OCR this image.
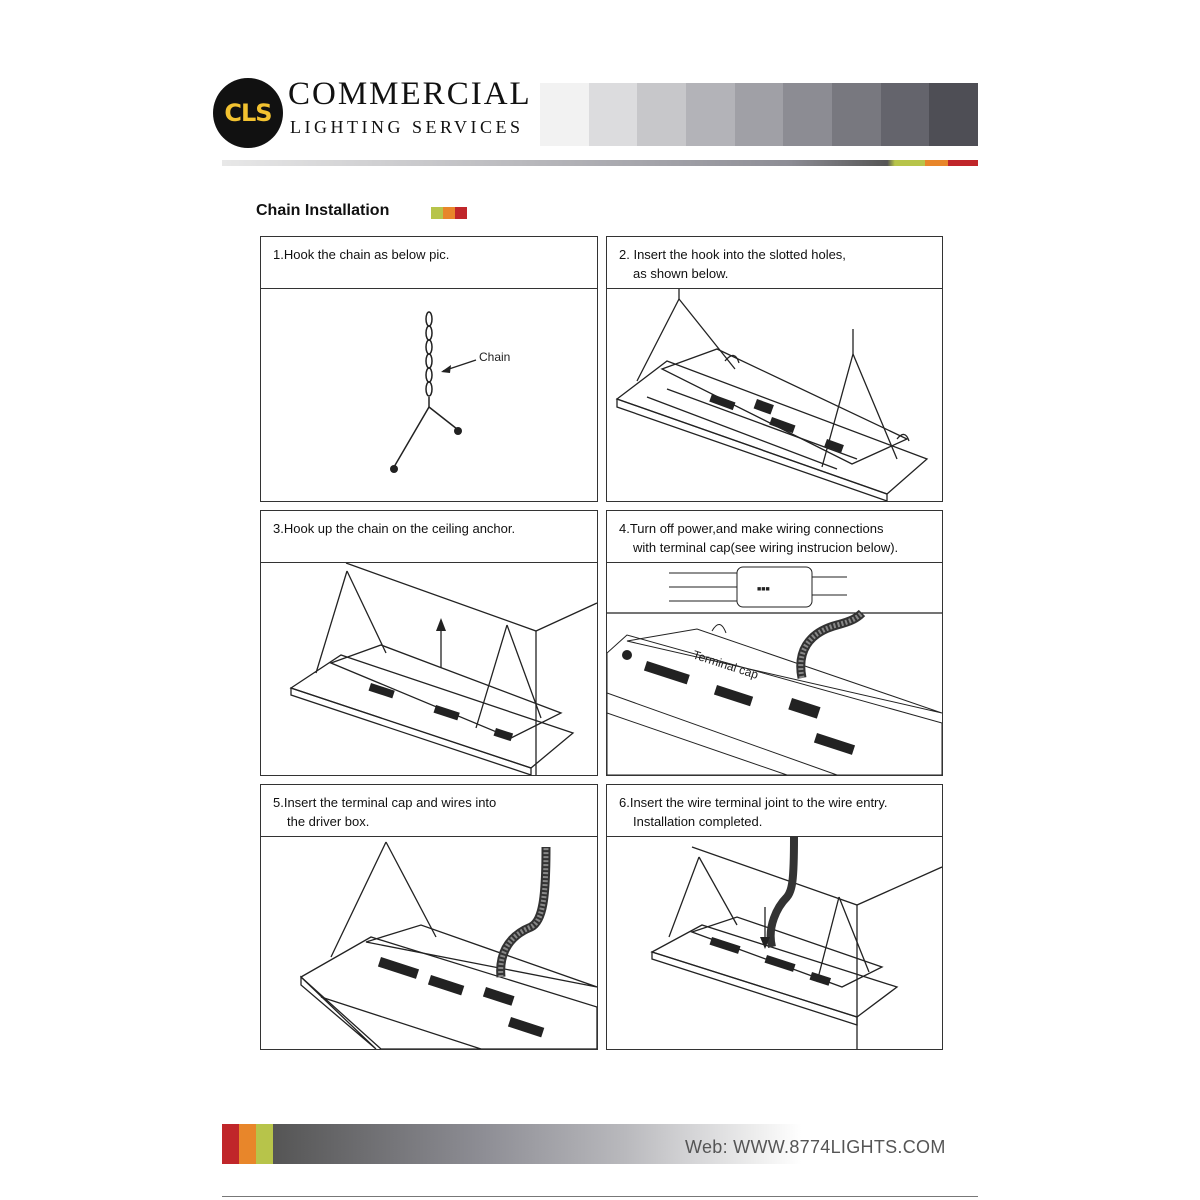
CLS
COMMERCIAL
LIGHTING SERVICES
Chain Installation
1.Hook the chain as below pic.
Chain
2. Insert the hook into the slotted holes,
as shown below.
3.Hook up the chain on the ceiling anchor.	4.Turn off power,and make wiring connections
with terminal cap(see wiring instrucion below).
■■■
Terminal cap
5.Insert the terminal cap and wires into
the driver box.
6.Insert the wire terminal joint to the wire entry.
Installation completed.
Web: WWW.8774LIGHTS.COM
